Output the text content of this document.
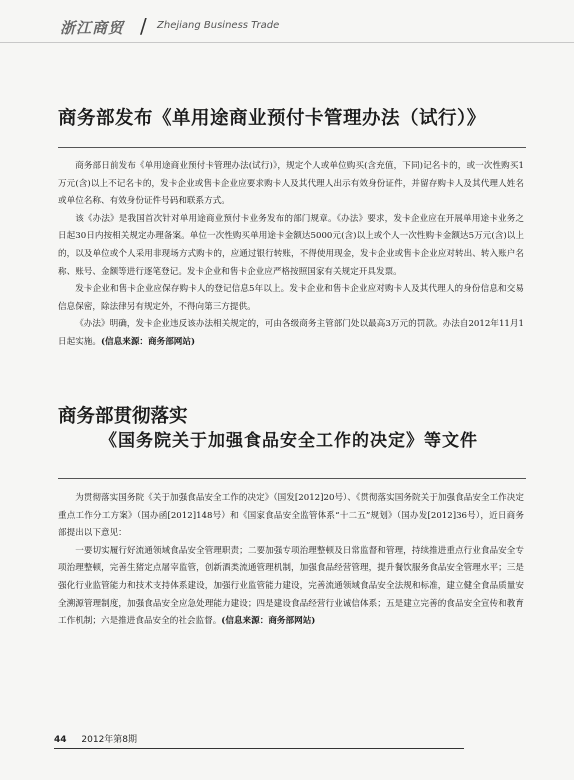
浙江商贸 / Zhejiang Business Trade
商务部发布《单用途商业预付卡管理办法（试行）》

商务部日前发布《单用途商业预付卡管理办法(试行)》，规定个人或单位购买(含充值，下同)记名卡的，或一次性购买1万元(含)以上不记名卡的，发卡企业或售卡企业应要求购卡人及其代理人出示有效身份证件，并留存购卡人及其代理人姓名或单位名称、有效身份证件号码和联系方式。

该《办法》是我国首次针对单用途商业预付卡业务发布的部门规章。《办法》要求，发卡企业应在开展单用途卡业务之日起30日内按相关规定办理备案。单位一次性购买单用途卡金额达5000元(含)以上或个人一次性购卡金额达5万元(含)以上的，以及单位或个人采用非现场方式购卡的，应通过银行转账，不得使用现金，发卡企业或售卡企业应对转出、转入账户名称、账号、金额等进行逐笔登记。发卡企业和售卡企业应严格按照国家有关规定开具发票。

发卡企业和售卡企业应保存购卡人的登记信息5年以上。发卡企业和售卡企业应对购卡人及其代理人的身份信息和交易信息保密，除法律另有规定外，不得向第三方提供。

《办法》明确，发卡企业违反该办法相关规定的，可由各级商务主管部门处以最高3万元的罚款。办法自2012年11月1日起实施。(信息来源：商务部网站)

商务部贯彻落实
《国务院关于加强食品安全工作的决定》等文件

为贯彻落实国务院《关于加强食品安全工作的决定》（国发[2012]20号）、《贯彻落实国务院关于加强食品安全工作决定重点工作分工方案》（国办函[2012]148号）和《国家食品安全监管体系“十二五”规划》（国办发[2012]36号），近日商务部提出以下意见：

一要切实履行好流通领域食品安全管理职责；二要加强专项治理整顿及日常监督和管理，持续推进重点行业食品安全专项治理整顿，完善生猪定点屠宰监管，创新酒类流通管理机制，加强食品经营管理，提升餐饮服务食品安全管理水平；三是强化行业监管能力和技术支持体系建设，加强行业监管能力建设，完善流通领域食品安全法规和标准，建立健全食品质量安全溯源管理制度，加强食品安全应急处理能力建设；四是建设食品经营行业诚信体系；五是建立完善的食品安全宣传和教育工作机制；六是推进食品安全的社会监督。(信息来源：商务部网站)

44 2012年第8期
